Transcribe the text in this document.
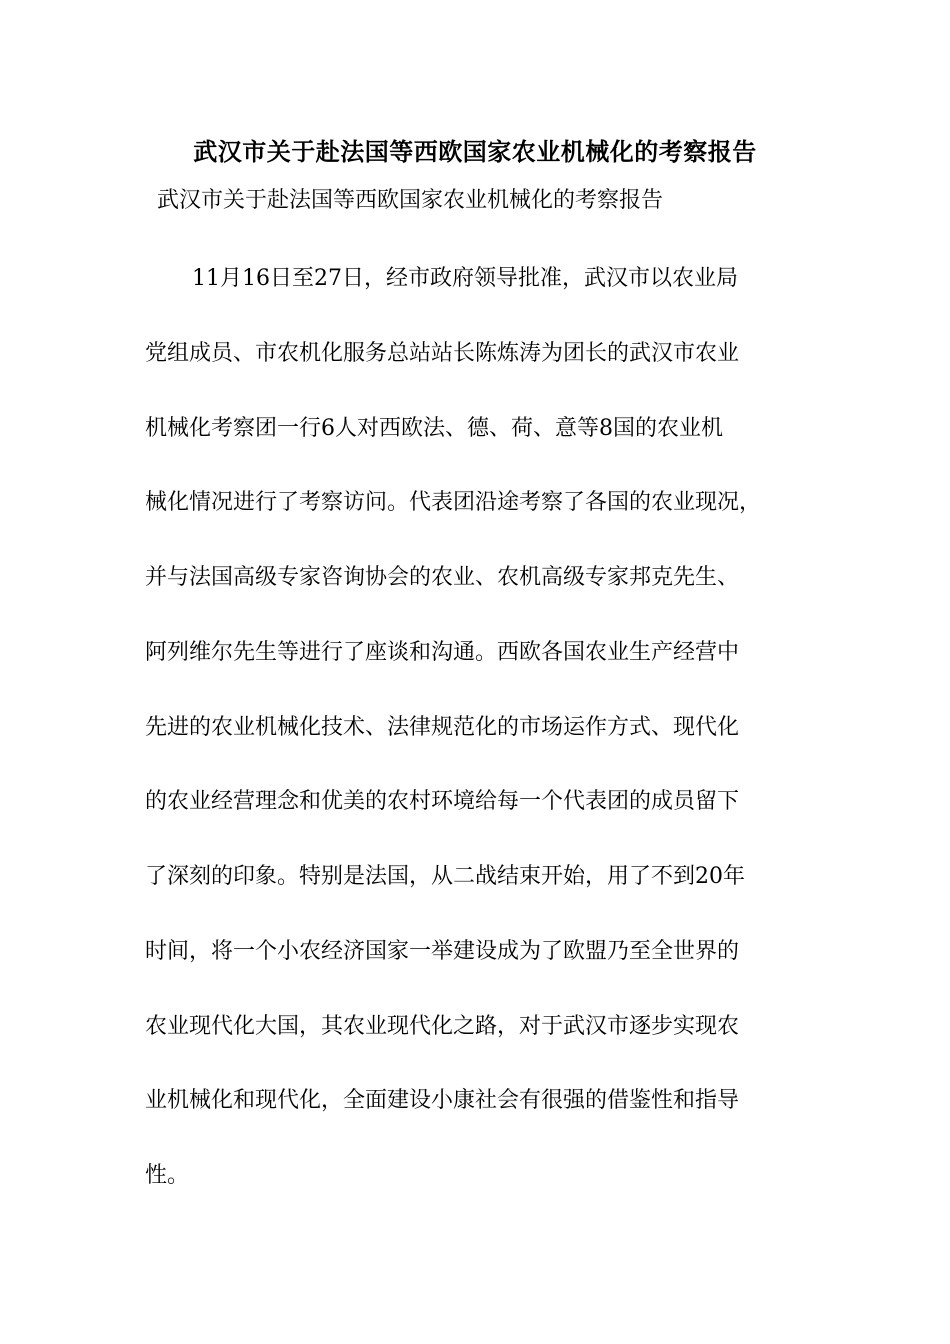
武汉市关于赴法国等西欧国家农业机械化的考察报告
武汉市关于赴法国等西欧国家农业机械化的考察报告
11月16日至27日，经市政府领导批准，武汉市以农业局
党组成员、市农机化服务总站站长陈炼涛为团长的武汉市农业
机械化考察团一行6人对西欧法、德、荷、意等8国的农业机
械化情况进行了考察访问。代表团沿途考察了各国的农业现况，
并与法国高级专家咨询协会的农业、农机高级专家邦克先生、
阿列维尔先生等进行了座谈和沟通。西欧各国农业生产经营中
先进的农业机械化技术、法律规范化的市场运作方式、现代化
的农业经营理念和优美的农村环境给每一个代表团的成员留下
了深刻的印象。特别是法国，从二战结束开始，用了不到20年
时间，将一个小农经济国家一举建设成为了欧盟乃至全世界的
农业现代化大国，其农业现代化之路，对于武汉市逐步实现农
业机械化和现代化，全面建设小康社会有很强的借鉴性和指导
性。
